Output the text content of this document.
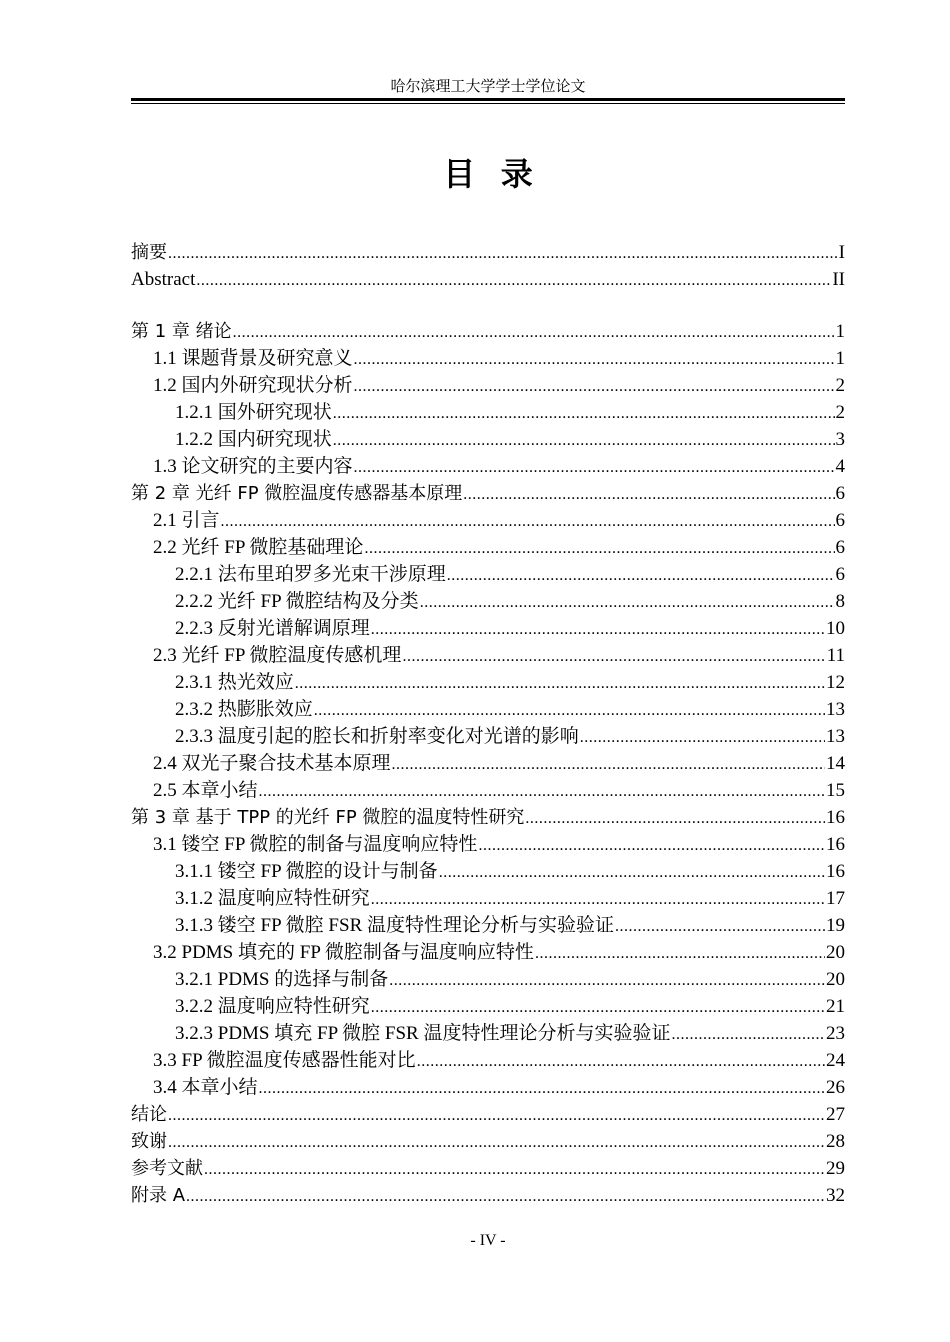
哈尔滨理工大学学士学位论文
目录
摘要 .....	I
Abstract .....	II
第 1 章 绪论 .....	1
1.1 课题背景及研究意义 .....	1
1.2 国内外研究现状分析 .....	2
1.2.1 国外研究现状 .....	2
1.2.2 国内研究现状 .....	3
1.3 论文研究的主要内容 .....	4
第 2 章 光纤 FP 微腔温度传感器基本原理 .....	6
2.1 引言 .....	6
2.2 光纤 FP 微腔基础理论 .....	6
2.2.1 法布里珀罗多光束干涉原理 .....	6
2.2.2 光纤 FP 微腔结构及分类 .....	8
2.2.3 反射光谱解调原理 .....	10
2.3 光纤 FP 微腔温度传感机理 .....	11
2.3.1 热光效应 .....	12
2.3.2 热膨胀效应 .....	13
2.3.3 温度引起的腔长和折射率变化对光谱的影响 .....	13
2.4 双光子聚合技术基本原理 .....	14
2.5 本章小结 .....	15
第 3 章 基于 TPP 的光纤 FP 微腔的温度特性研究 .....	16
3.1 镂空 FP 微腔的制备与温度响应特性 .....	16
3.1.1 镂空 FP 微腔的设计与制备 .....	16
3.1.2 温度响应特性研究 .....	17
3.1.3 镂空 FP 微腔 FSR 温度特性理论分析与实验验证 .....	19
3.2 PDMS 填充的 FP 微腔制备与温度响应特性 .....	20
3.2.1 PDMS 的选择与制备 .....	20
3.2.2 温度响应特性研究 .....	21
3.2.3 PDMS 填充 FP 微腔 FSR 温度特性理论分析与实验验证 .....	23
3.3 FP 微腔温度传感器性能对比 .....	24
3.4 本章小结 .....	26
结论 .....	27
致谢 .....	28
参考文献 .....	29
附录 A .....	32
- IV -
